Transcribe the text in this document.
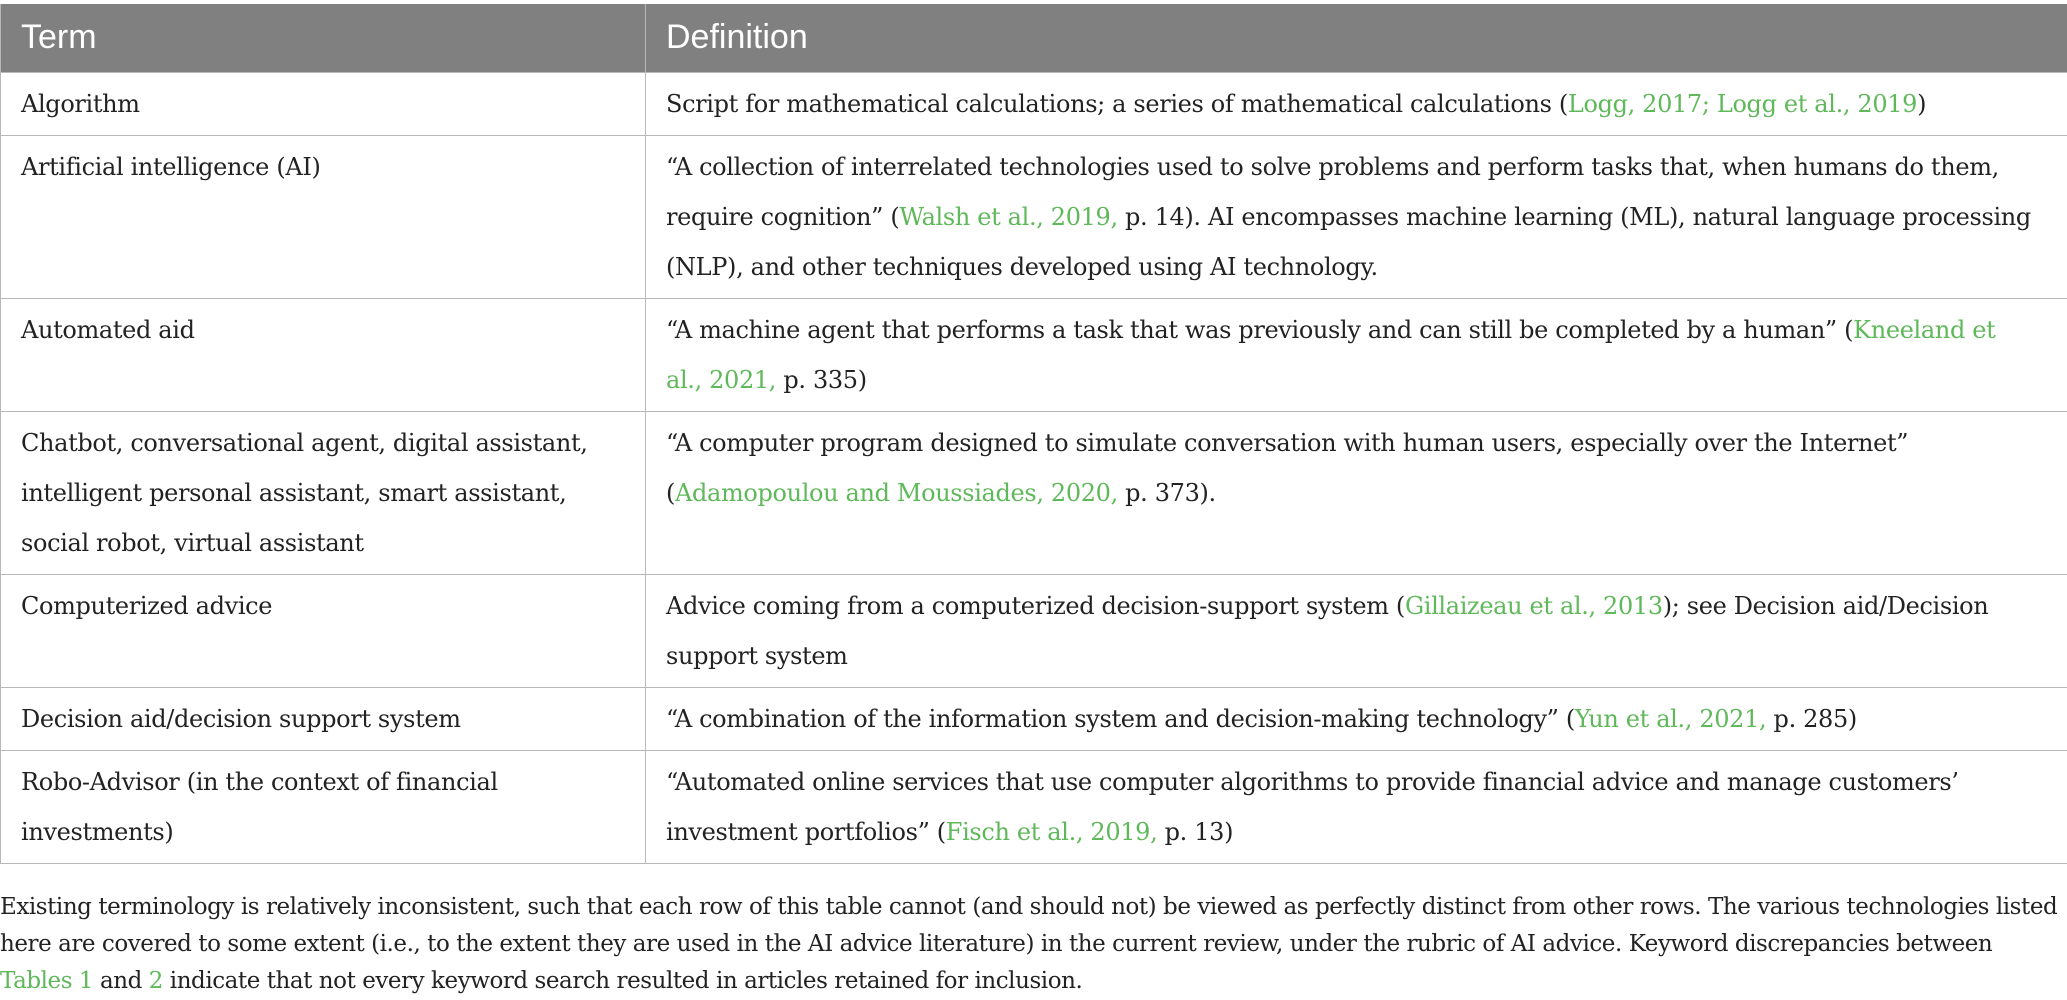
Term	Definition
Algorithm	Script for mathematical calculations; a series of mathematical calculations (Logg, 2017; Logg et al., 2019)
Artificial intelligence (AI)	“A collection of interrelated technologies used to solve problems and perform tasks that, when humans do them, require cognition” (Walsh et al., 2019, p. 14). AI encompasses machine learning (ML), natural language processing (NLP), and other techniques developed using AI technology.
Automated aid	“A machine agent that performs a task that was previously and can still be completed by a human” (Kneeland et al., 2021, p. 335)
Chatbot, conversational agent, digital assistant, intelligent personal assistant, smart assistant, social robot, virtual assistant	“A computer program designed to simulate conversation with human users, especially over the Internet” (Adamopoulou and Moussiades, 2020, p. 373).
Computerized advice	Advice coming from a computerized decision-support system (Gillaizeau et al., 2013); see Decision aid/Decision support system
Decision aid/decision support system	“A combination of the information system and decision-making technology” (Yun et al., 2021, p. 285)
Robo-Advisor (in the context of financial investments)	“Automated online services that use computer algorithms to provide financial advice and manage customers’ investment portfolios” (Fisch et al., 2019, p. 13)

Existing terminology is relatively inconsistent, such that each row of this table cannot (and should not) be viewed as perfectly distinct from other rows. The various technologies listed here are covered to some extent (i.e., to the extent they are used in the AI advice literature) in the current review, under the rubric of AI advice. Keyword discrepancies between Tables 1 and 2 indicate that not every keyword search resulted in articles retained for inclusion.
